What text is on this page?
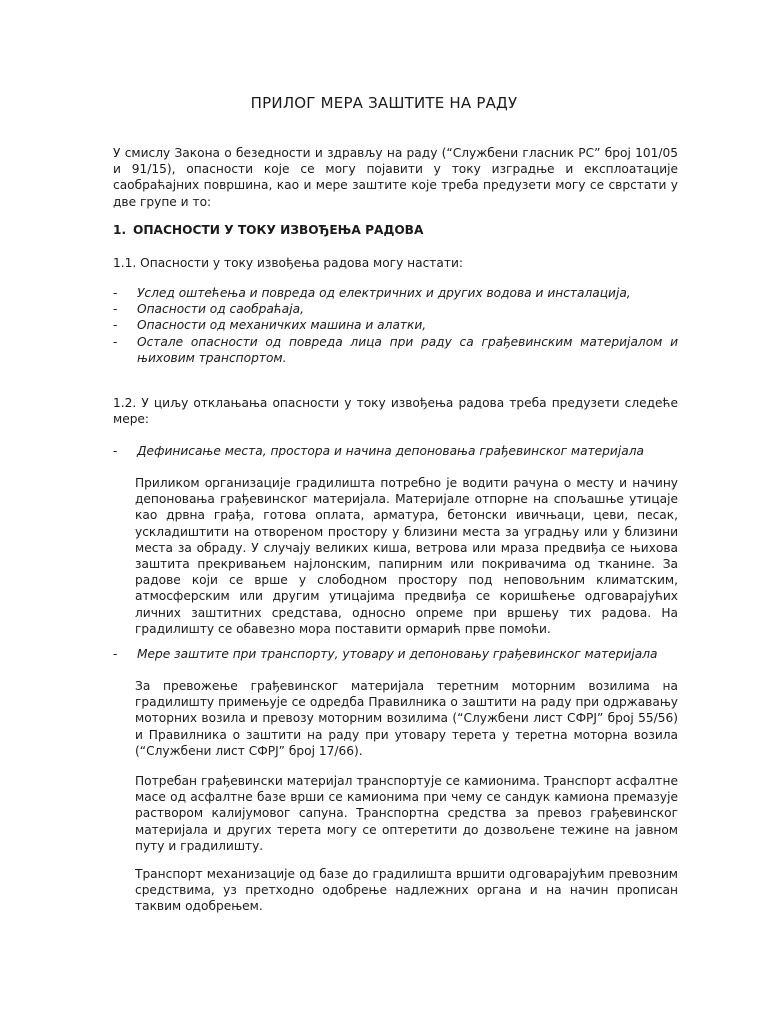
ПРИЛОГ МЕРА ЗАШТИТЕ НА РАДУ
У смислу Закона о безедности и здрављу на раду (“Службени гласник РС” број 101/05 и 91/15), опасности које се могу појавити у току изградње и експлоатације саобраћајних површина, као и мере заштите које треба предузети могу се сврстати у две групе и то:
1. ОПАСНОСТИ У ТОКУ ИЗВОЂЕЊА РАДОВА
1.1. Опасности у току извођења радова могу настати:
- Услед оштећења и повреда од електричних и других водова и инсталација,
- Опасности од саобраћаја,
- Опасности од механичких машина и алатки,
- Остале опасности од повреда лица при раду са грађевинским материјалом и њиховим транспортом.
1.2. У циљу отклањања опасности у току извођења радова треба предузети следеће мере:
- Дефинисање места, простора и начина депоновања грађевинског материјала
Приликом организације градилишта потребно је водити рачуна о месту и начину депоновања грађевинског материјала. Материјале отпорне на спољашње утицаје као дрвна грађа, готова оплата, арматура, бетонски ивичњаци, цеви, песак, ускладиштити на отвореном простору у близини места за уградњу или у близини места за обраду. У случају великих киша, ветрова или мраза предвиђа се њихова заштита прекривањем најлонским, папирним или покривачима од тканине. За радове који се врше у слободном простору под неповољним климатским, атмосферским или другим утицајима предвиђа се коришћење одговарајућих личних заштитних средстава, односно опреме при вршењу тих радова. На градилишту се обавезно мора поставити ормарић прве помоћи.
- Мере заштите при транспорту, утовару и депоновању грађевинског материјала
За превожење грађевинског материјала теретним моторним возилима на градилишту примењује се одредба Правилника о заштити на раду при одржавању моторних возила и превозу моторним возилима (“Службени лист СФРЈ” број 55/56) и Правилника о заштити на раду при утовару терета у теретна моторна возила (“Службени лист СФРЈ” број 17/66).
Потребан грађевински материјал транспортује се камионима. Транспорт асфалтне масе од асфалтне базе врши се камионима при чему се сандук камиона премазује раствором калијумовог сапуна. Транспортна средства за превоз грађевинског материјала и других терета могу се оптеретити до дозвољене тежине на јавном путу и градилишту.
Транспорт механизације од базе до градилишта вршити одговарајућим превозним средствима, уз претходно одобрење надлежних органа и на начин прописан таквим одобрењем.
